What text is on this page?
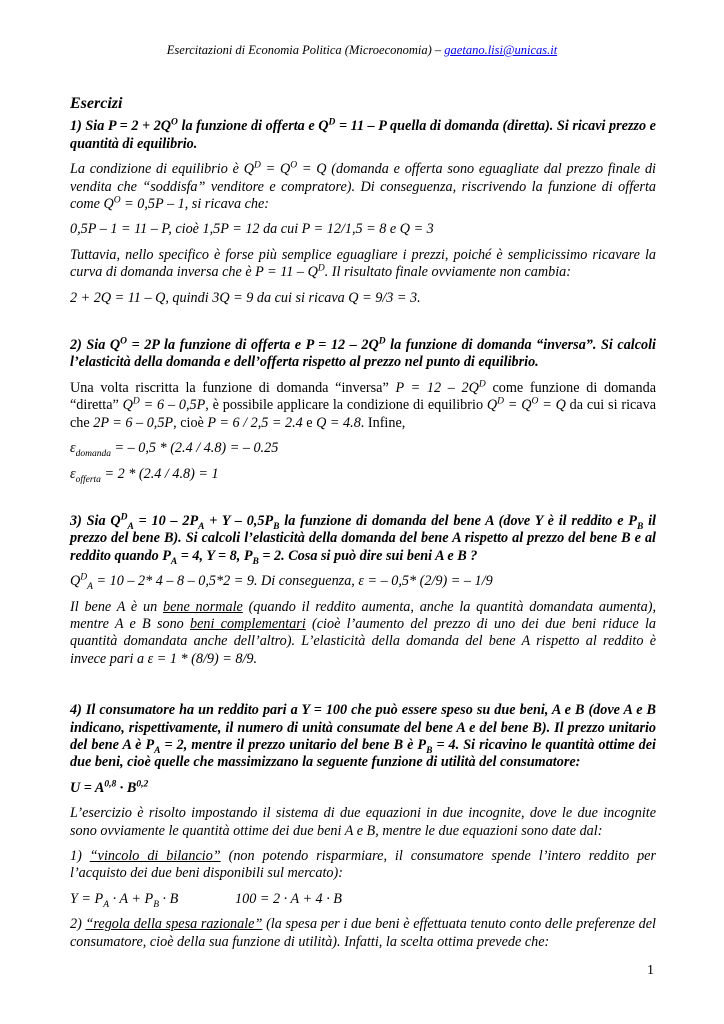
Esercitazioni di Economia Politica (Microeconomia) – gaetano.lisi@unicas.it

Esercizi

1) Sia $P = 2 + 2Q^O$ la funzione di offerta e $Q^D = 11 - P$ quella di domanda (diretta). Si ricavi prezzo e quantità di equilibrio.

La condizione di equilibrio è $Q^D = Q^O = Q$ (domanda e offerta sono eguagliate dal prezzo finale di vendita che “soddisfa” venditore e compratore). Di conseguenza, riscrivendo la funzione di offerta come $Q^O = 0,5P - 1$, si ricava che:

0,5P – 1 = 11 – P, cioè 1,5P = 12 da cui P = 12/1,5 = 8 e Q = 3

Tuttavia, nello specifico è forse più semplice eguagliare i prezzi, poiché è semplicissimo ricavare la curva di domanda inversa che è $P = 11 - Q^D$. Il risultato finale ovviamente non cambia:

2 + 2Q = 11 – Q, quindi 3Q = 9 da cui si ricava Q = 9/3 = 3.

2) Sia $Q^O = 2P$ la funzione di offerta e $P = 12 - 2Q^D$ la funzione di domanda “inversa”. Si calcoli l’elasticità della domanda e dell’offerta rispetto al prezzo nel punto di equilibrio.

Una volta riscritta la funzione di domanda “inversa” $P = 12 - 2Q^D$ come funzione di domanda “diretta” $Q^D = 6 - 0,5P$, è possibile applicare la condizione di equilibrio $Q^D = Q^O = Q$ da cui si ricava che 2P = 6 – 0,5P, cioè P = 6 / 2,5 = 2.4 e Q = 4.8. Infine,

$\varepsilon_{domanda}$ = – 0,5 * (2.4 / 4.8) = – 0.25

$\varepsilon_{offerta} = 2 * (2.4 / 4.8) = 1$

3) Sia $Q^D_A = 10 - 2P_A + Y - 0,5P_B$ la funzione di domanda del bene A (dove Y è il reddito e $P_B$ il prezzo del bene B). Si calcoli l’elasticità della domanda del bene A rispetto al prezzo del bene B e al reddito quando $P_A = 4$, Y = 8, $P_B = 2$. Cosa si può dire sui beni A e B ?

$Q^D_A = 10 - 2*$ 4 – 8 – 0,5*2 = 9. Di conseguenza, ε = – 0,5* (2/9) = – 1/9

Il bene A è un bene normale (quando il reddito aumenta, anche la quantità domandata aumenta), mentre A e B sono beni complementari (cioè l’aumento del prezzo di uno dei due beni riduce la quantità domandata anche dell’altro). L’elasticità della domanda del bene A rispetto al reddito è invece pari a ε = 1 * (8/9) = 8/9.

4) Il consumatore ha un reddito pari a Y = 100 che può essere speso su due beni, A e B (dove A e B indicano, rispettivamente, il numero di unità consumate del bene A e del bene B). Il prezzo unitario del bene A è $P_A = 2$, mentre il prezzo unitario del bene B è $P_B = 4$. Si ricavino le quantità ottime dei due beni, cioè quelle che massimizzano la seguente funzione di utilità del consumatore:

U = A$^{0,8}$ · B$^{0,2}$

L’esercizio è risolto impostando il sistema di due equazioni in due incognite, dove le due incognite sono ovviamente le quantità ottime dei due beni A e B, mentre le due equazioni sono date dal:

1) “vincolo di bilancio” (non potendo risparmiare, il consumatore spende l’intero reddito per l’acquisto dei due beni disponibili sul mercato):

$Y = P_A \cdot A + P_B \cdot B$                100 = 2 · A + 4 · B

2) “regola della spesa razionale” (la spesa per i due beni è effettuata tenuto conto delle preferenze del consumatore, cioè della sua funzione di utilità). Infatti, la scelta ottima prevede che:

1
